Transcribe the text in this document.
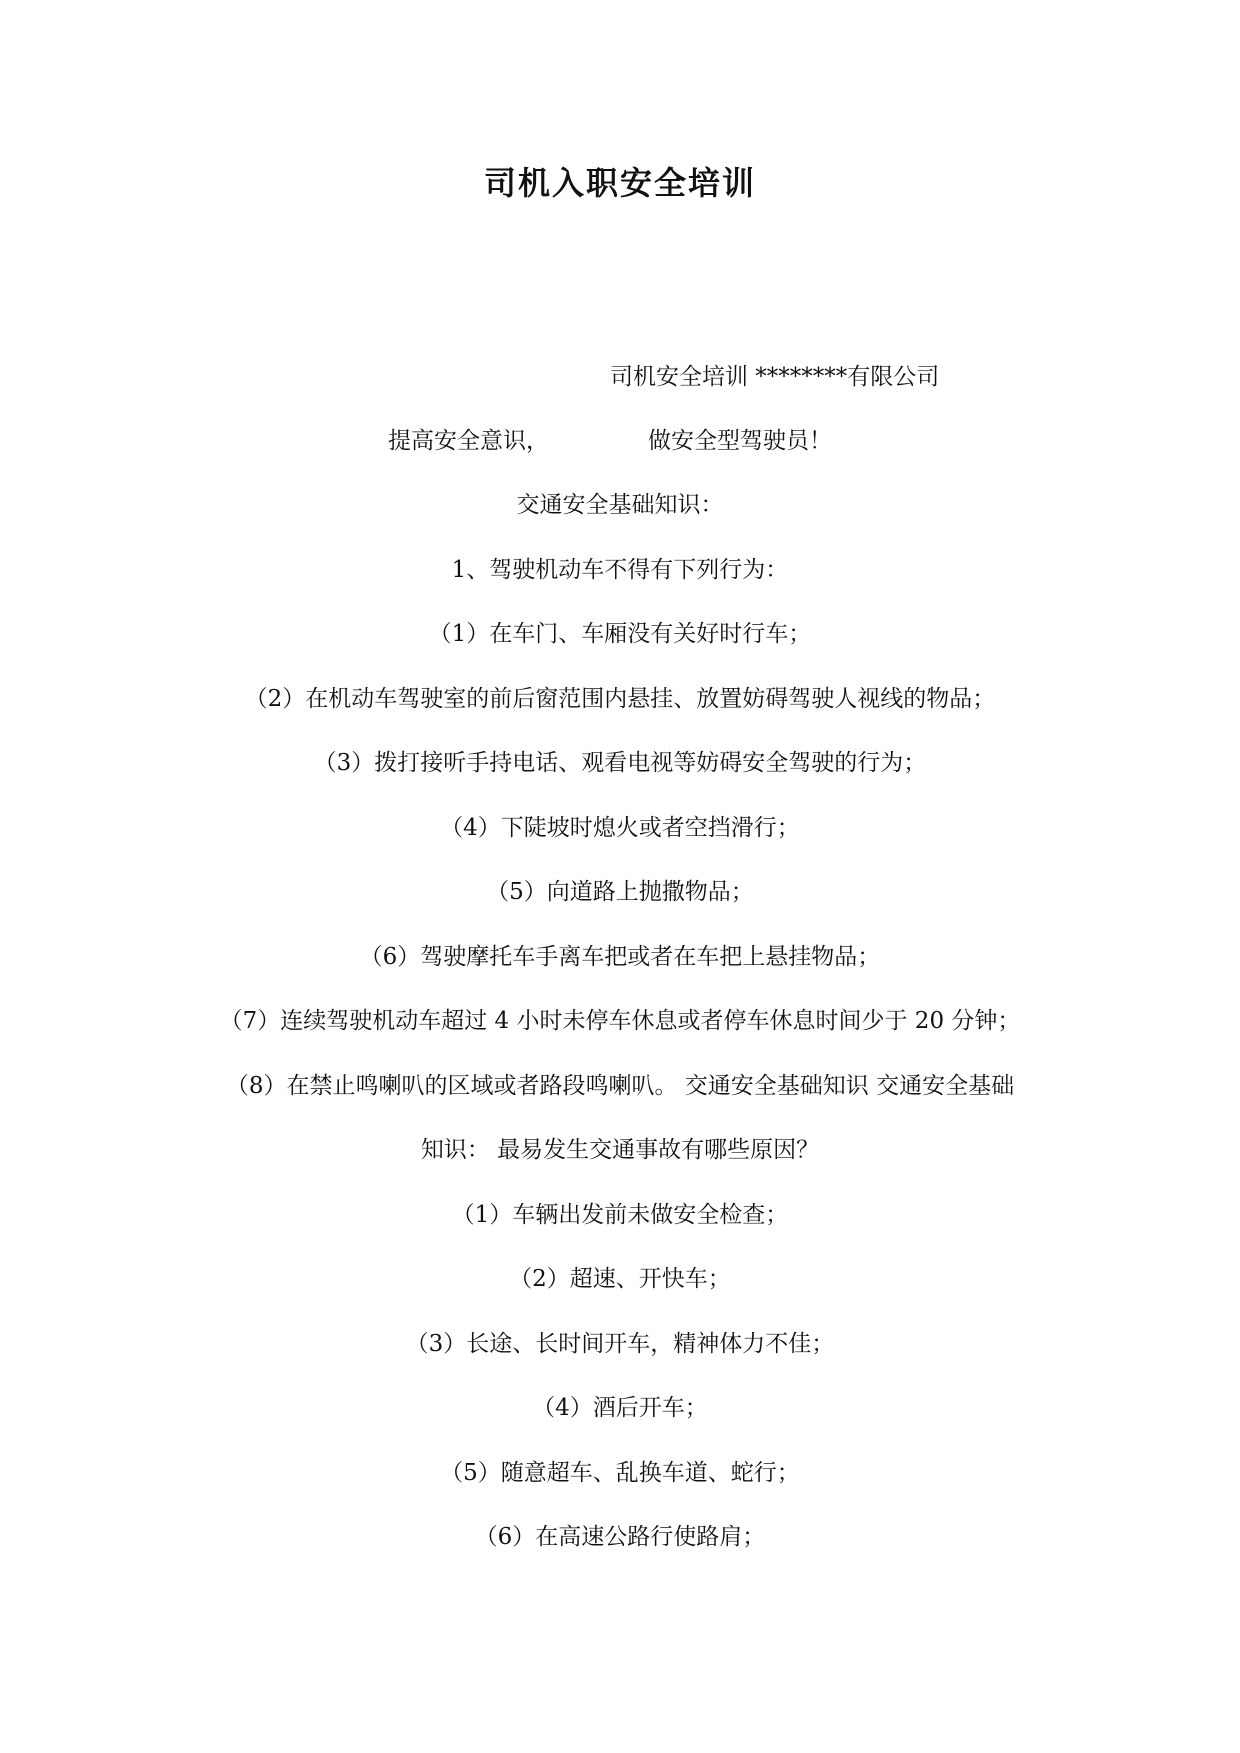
司机入职安全培训
司机安全培训 ********有限公司
提高安全意识，	做安全型驾驶员！
交通安全基础知识：
1、驾驶机动车不得有下列行为：
（1）在车门、车厢没有关好时行车；
（2）在机动车驾驶室的前后窗范围内悬挂、放置妨碍驾驶人视线的物品；
（3）拨打接听手持电话、观看电视等妨碍安全驾驶的行为；
（4）下陡坡时熄火或者空挡滑行；
（5）向道路上抛撒物品；
（6）驾驶摩托车手离车把或者在车把上悬挂物品；
（7）连续驾驶机动车超过 4 小时未停车休息或者停车休息时间少于 20 分钟；
（8）在禁止鸣喇叭的区域或者路段鸣喇叭。 交通安全基础知识 交通安全基础
知识： 最易发生交通事故有哪些原因？
（1）车辆出发前未做安全检查；
（2）超速、开快车；
（3）长途、长时间开车，精神体力不佳；
（4）酒后开车；
（5）随意超车、乱换车道、蛇行；
（6）在高速公路行使路肩；
